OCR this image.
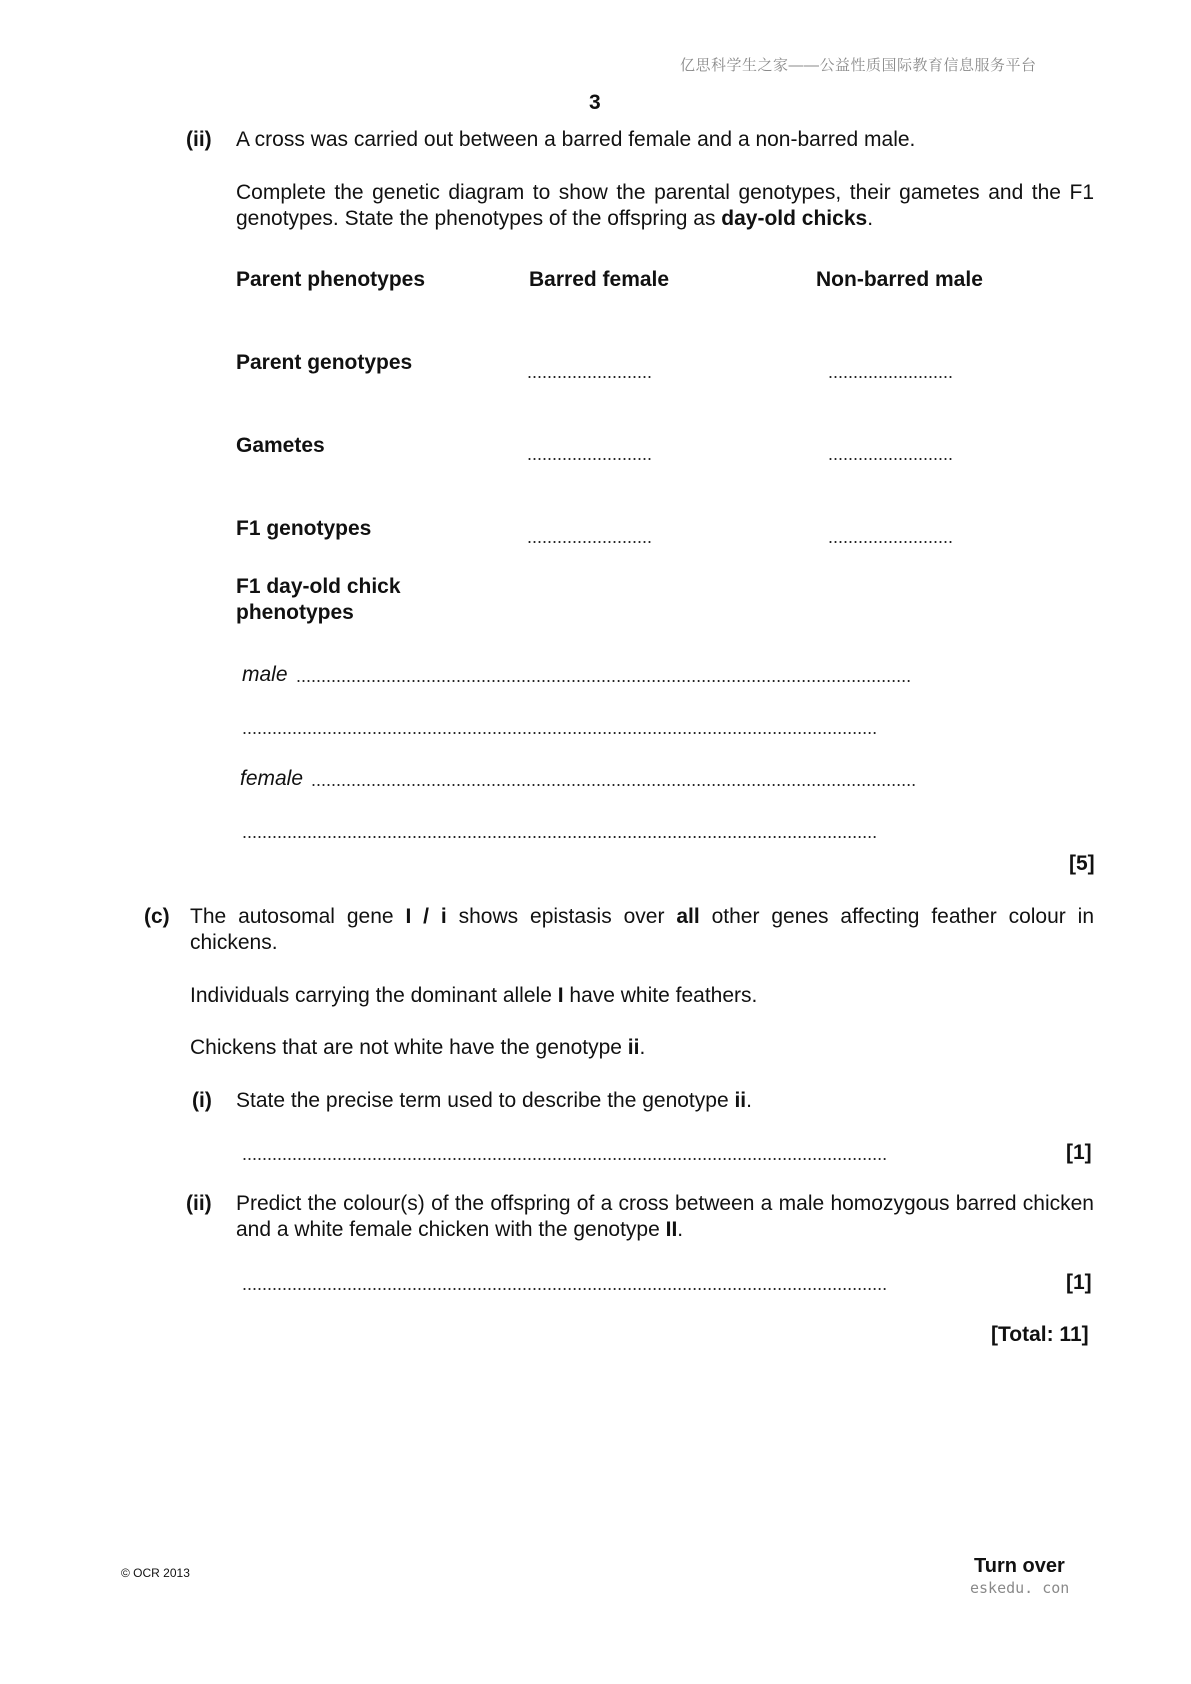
亿思科学生之家——公益性质国际教育信息服务平台
3
(ii) A cross was carried out between a barred female and a non-barred male.
Complete the genetic diagram to show the parental genotypes, their gametes and the F1 genotypes. State the phenotypes of the offspring as day-old chicks.
Parent phenotypes	Barred female	Non-barred male
Parent genotypes	.........................	.........................
Gametes	.........................	.........................
F1 genotypes	.........................	.........................
F1 day-old chick
phenotypes
male ...........................................................................................................................
...............................................................................................................................
female .........................................................................................................................
...............................................................................................................................
[5]
(c) The autosomal gene I / i shows epistasis over all other genes affecting feather colour in chickens.
Individuals carrying the dominant allele I have white feathers.
Chickens that are not white have the genotype ii.
(i) State the precise term used to describe the genotype ii.
.................................................................................................................................	[1]
(ii) Predict the colour(s) of the offspring of a cross between a male homozygous barred chicken and a white female chicken with the genotype II.
.................................................................................................................................	[1]
[Total: 11]
© OCR 2013	Turn over
eskedu. con
